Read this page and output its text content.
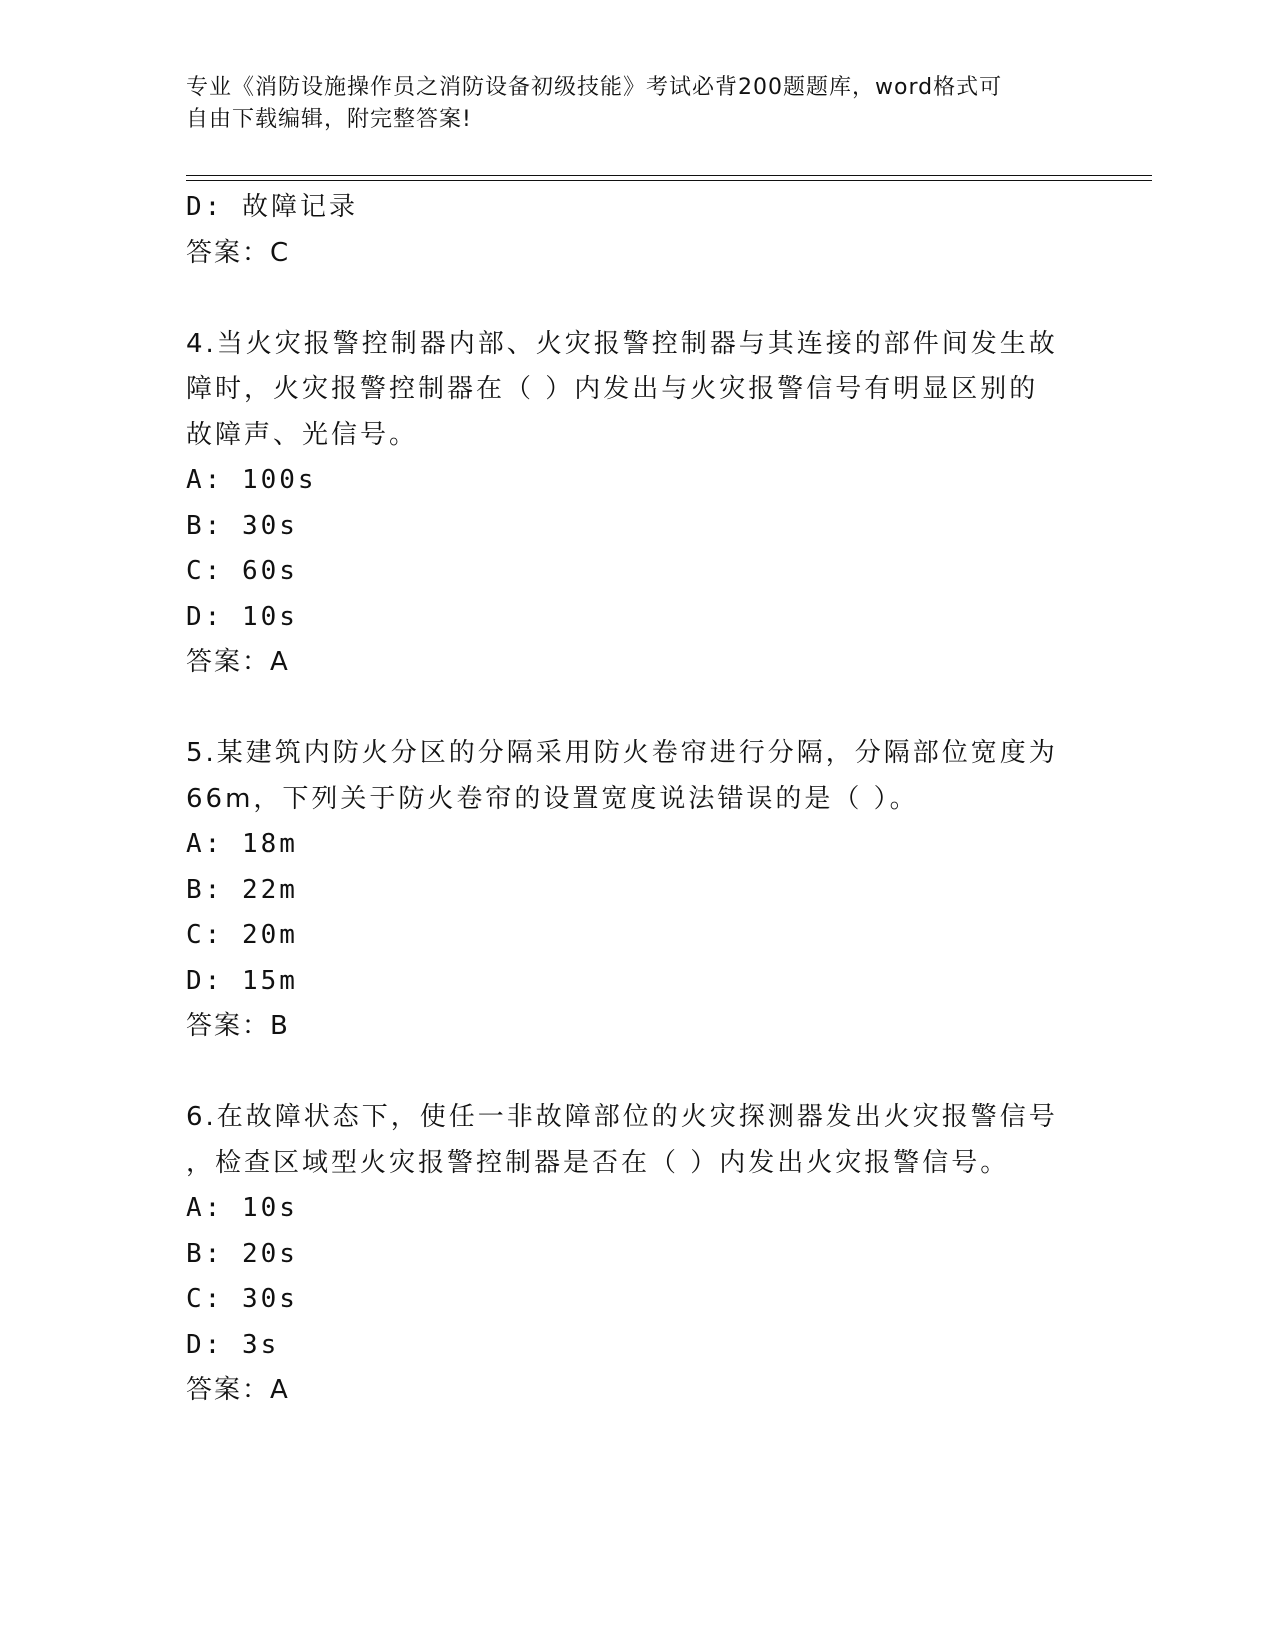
专业《消防设施操作员之消防设备初级技能》考试必背200题题库，word格式可
自由下载编辑，附完整答案!
D: 故障记录
答案：C
4.当火灾报警控制器内部、火灾报警控制器与其连接的部件间发生故
障时，火灾报警控制器在（ ）内发出与火灾报警信号有明显区别的
故障声、光信号。
A: 100s
B: 30s
C: 60s
D: 10s
答案：A
5.某建筑内防火分区的分隔采用防火卷帘进行分隔，分隔部位宽度为
66m，下列关于防火卷帘的设置宽度说法错误的是（ ）。
A: 18m
B: 22m
C: 20m
D: 15m
答案：B
6.在故障状态下，使任一非故障部位的火灾探测器发出火灾报警信号
，检查区域型火灾报警控制器是否在（ ）内发出火灾报警信号。
A: 10s
B: 20s
C: 30s
D: 3s
答案：A
